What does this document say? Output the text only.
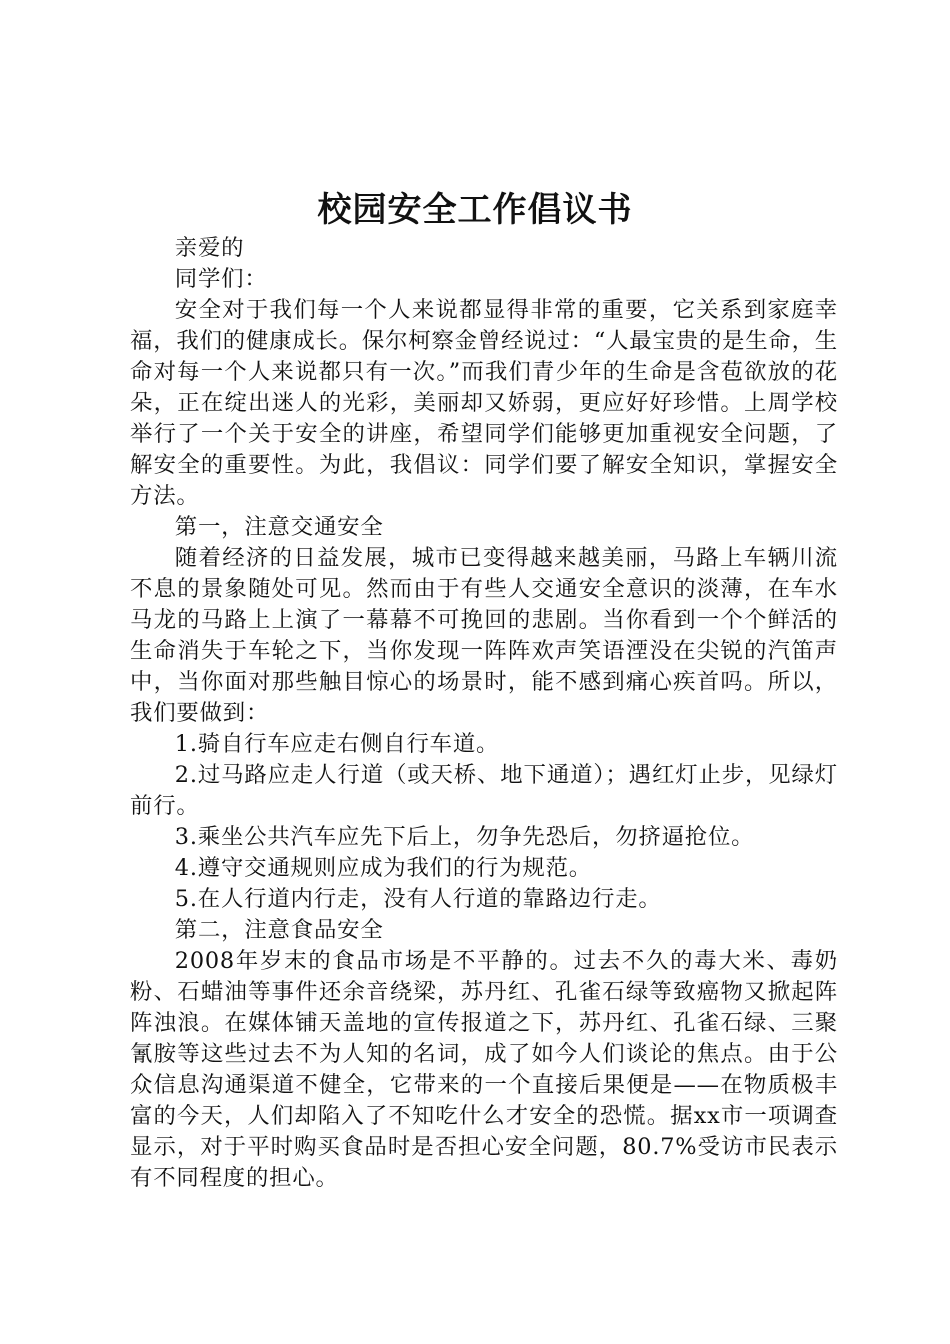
校园安全工作倡议书

亲爱的

同学们：

安全对于我们每一个人来说都显得非常的重要，它关系到家庭幸福，我们的健康成长。保尔柯察金曾经说过：“人最宝贵的是生命，生命对每一个人来说都只有一次。”而我们青少年的生命是含苞欲放的花朵，正在绽出迷人的光彩，美丽却又娇弱，更应好好珍惜。上周学校举行了一个关于安全的讲座，希望同学们能够更加重视安全问题，了解安全的重要性。为此，我倡议：同学们要了解安全知识，掌握安全方法。

第一，注意交通安全

随着经济的日益发展，城市已变得越来越美丽，马路上车辆川流不息的景象随处可见。然而由于有些人交通安全意识的淡薄，在车水马龙的马路上上演了一幕幕不可挽回的悲剧。当你看到一个个鲜活的生命消失于车轮之下，当你发现一阵阵欢声笑语湮没在尖锐的汽笛声中，当你面对那些触目惊心的场景时，能不感到痛心疾首吗。所以，我们要做到：

1.骑自行车应走右侧自行车道。

2.过马路应走人行道（或天桥、地下通道）；遇红灯止步，见绿灯前行。

3.乘坐公共汽车应先下后上，勿争先恐后，勿挤逼抢位。

4.遵守交通规则应成为我们的行为规范。

5.在人行道内行走，没有人行道的靠路边行走。

第二，注意食品安全

2008年岁末的食品市场是不平静的。过去不久的毒大米、毒奶粉、石蜡油等事件还余音绕梁，苏丹红、孔雀石绿等致癌物又掀起阵阵浊浪。在媒体铺天盖地的宣传报道之下，苏丹红、孔雀石绿、三聚氰胺等这些过去不为人知的名词，成了如今人们谈论的焦点。由于公众信息沟通渠道不健全，它带来的一个直接后果便是——在物质极丰富的今天，人们却陷入了不知吃什么才安全的恐慌。据xx市一项调查显示，对于平时购买食品时是否担心安全问题，80.7%受访市民表示有不同程度的担心。
